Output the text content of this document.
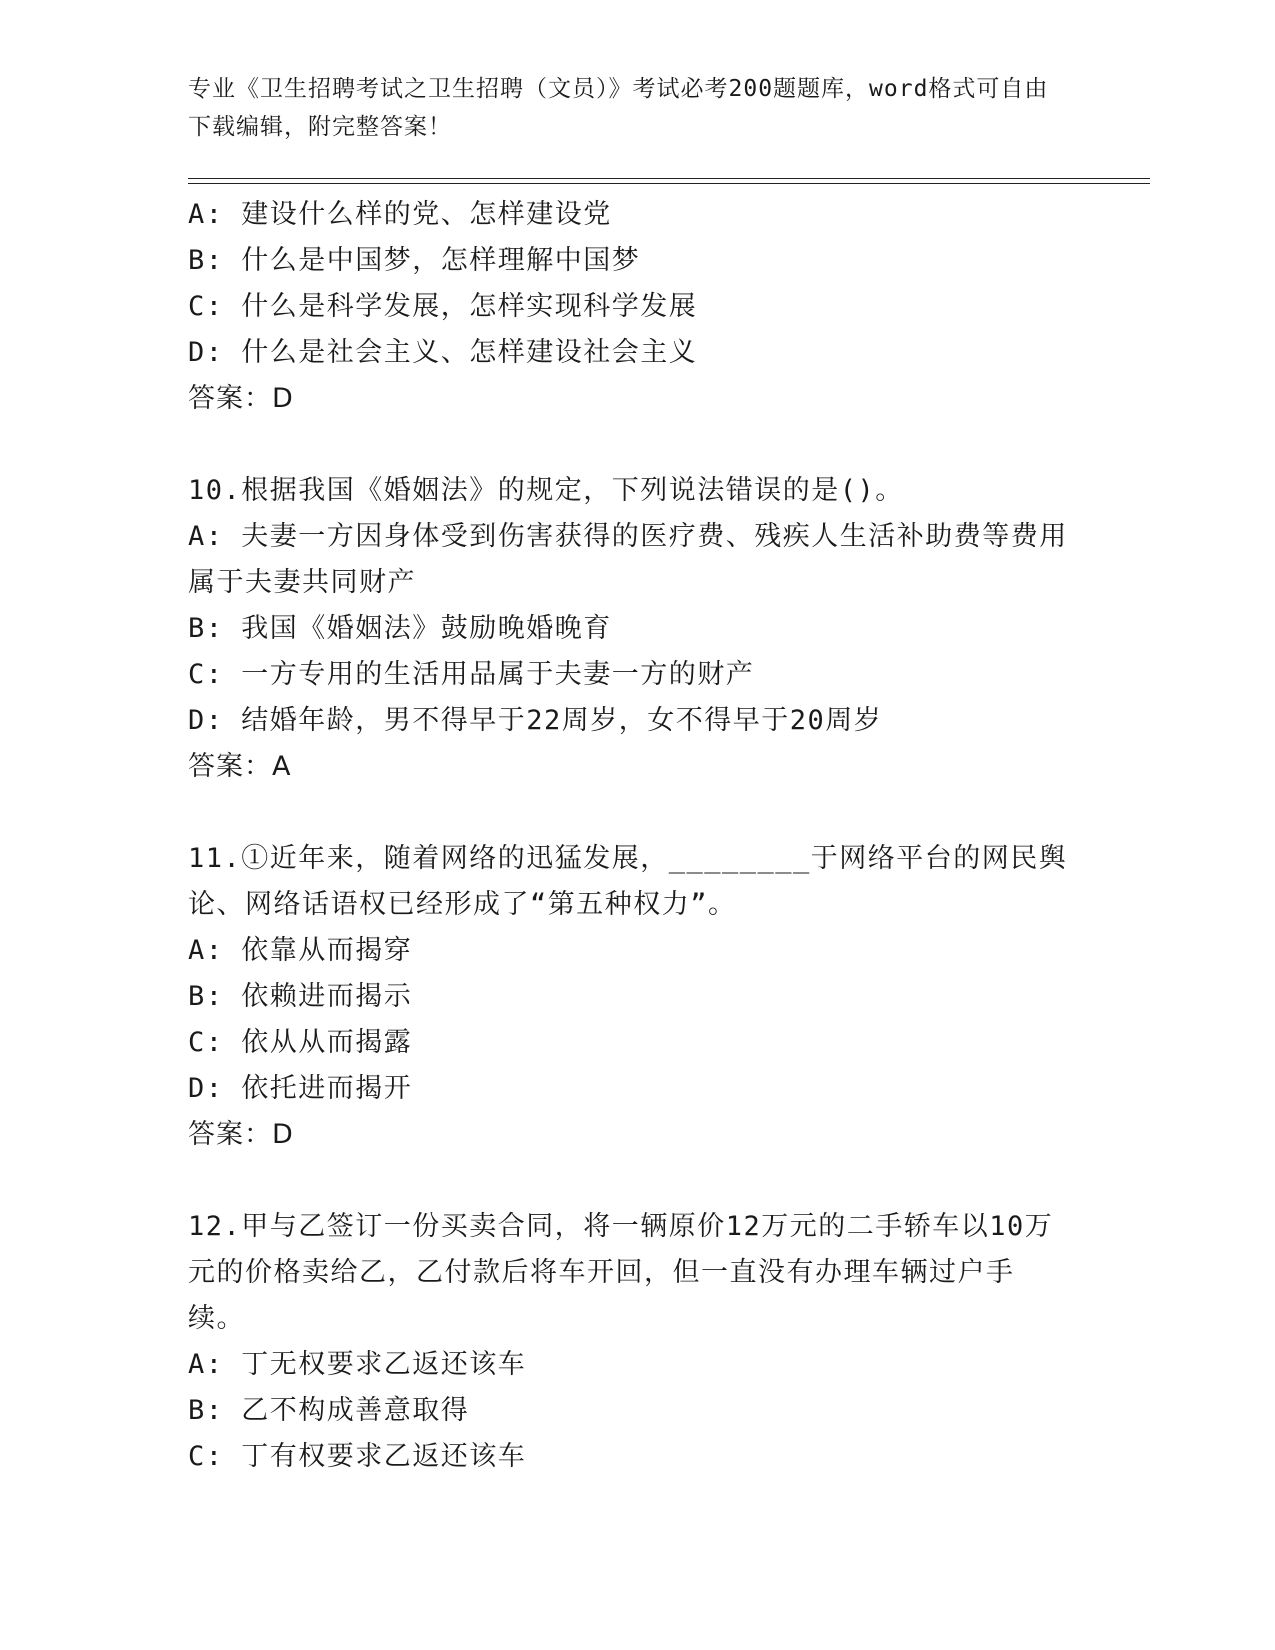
专业《卫生招聘考试之卫生招聘（文员）》考试必考200题题库，word格式可自由下载编辑，附完整答案！
A: 建设什么样的党、怎样建设党
B: 什么是中国梦，怎样理解中国梦
C: 什么是科学发展，怎样实现科学发展
D: 什么是社会主义、怎样建设社会主义
答案：D
10.根据我国《婚姻法》的规定，下列说法错误的是()。
A: 夫妻一方因身体受到伤害获得的医疗费、残疾人生活补助费等费用属于夫妻共同财产
B: 我国《婚姻法》鼓励晚婚晚育
C: 一方专用的生活用品属于夫妻一方的财产
D: 结婚年龄，男不得早于22周岁，女不得早于20周岁
答案：A
11.①近年来，随着网络的迅猛发展，________于网络平台的网民舆论、网络话语权已经形成了“第五种权力”。
A: 依靠从而揭穿
B: 依赖进而揭示
C: 依从从而揭露
D: 依托进而揭开
答案：D
12.甲与乙签订一份买卖合同，将一辆原价12万元的二手轿车以10万元的价格卖给乙，乙付款后将车开回，但一直没有办理车辆过户手续。
A: 丁无权要求乙返还该车
B: 乙不构成善意取得
C: 丁有权要求乙返还该车
